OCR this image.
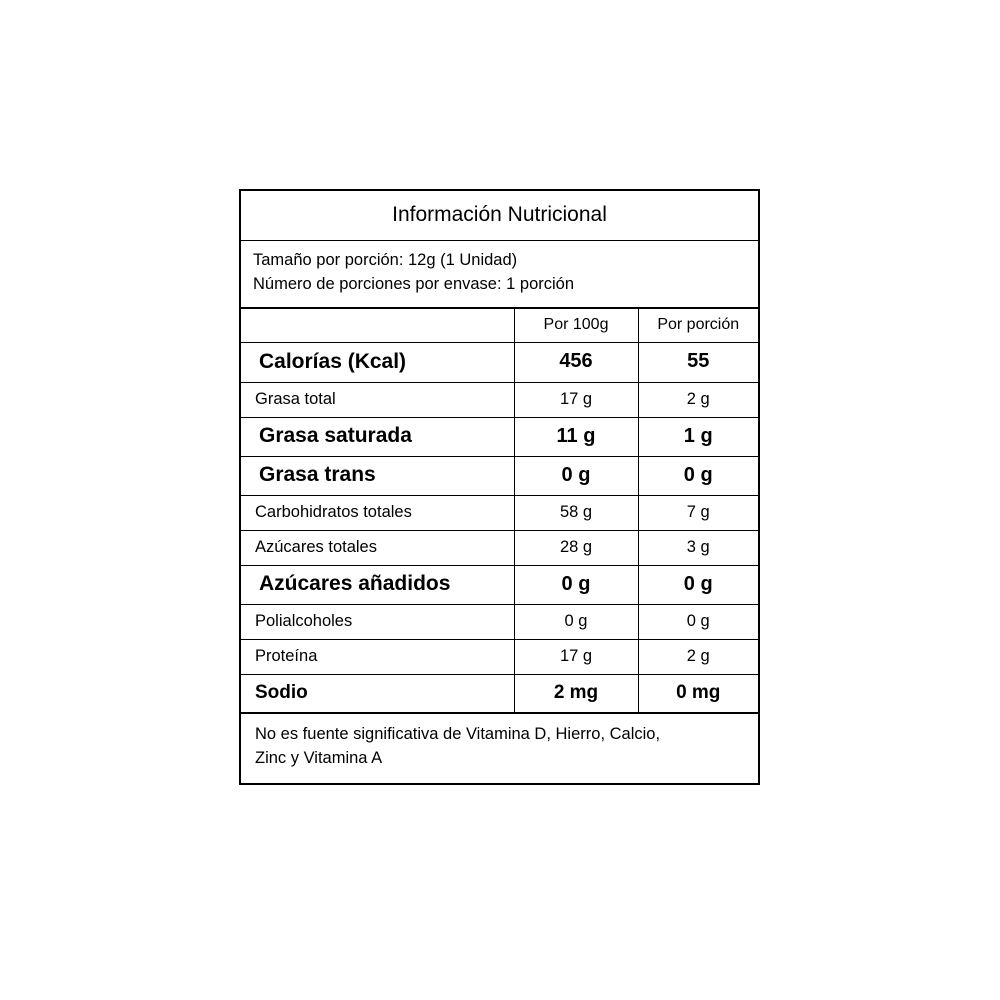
Información Nutricional
Tamaño por porción: 12g (1 Unidad)
Número de porciones por envase: 1 porción
	Por 100g	Por porción
Calorías (Kcal)	456	55
Grasa total	17 g	2 g
Grasa saturada	11 g	1 g
Grasa trans	0 g	0 g
Carbohidratos totales	58 g	7 g
Azúcares totales	28 g	3 g
Azúcares añadidos	0 g	0 g
Polialcoholes	0 g	0 g
Proteína	17 g	2 g
Sodio	2 mg	0 mg
No es fuente significativa de Vitamina D, Hierro, Calcio,
Zinc y Vitamina A
